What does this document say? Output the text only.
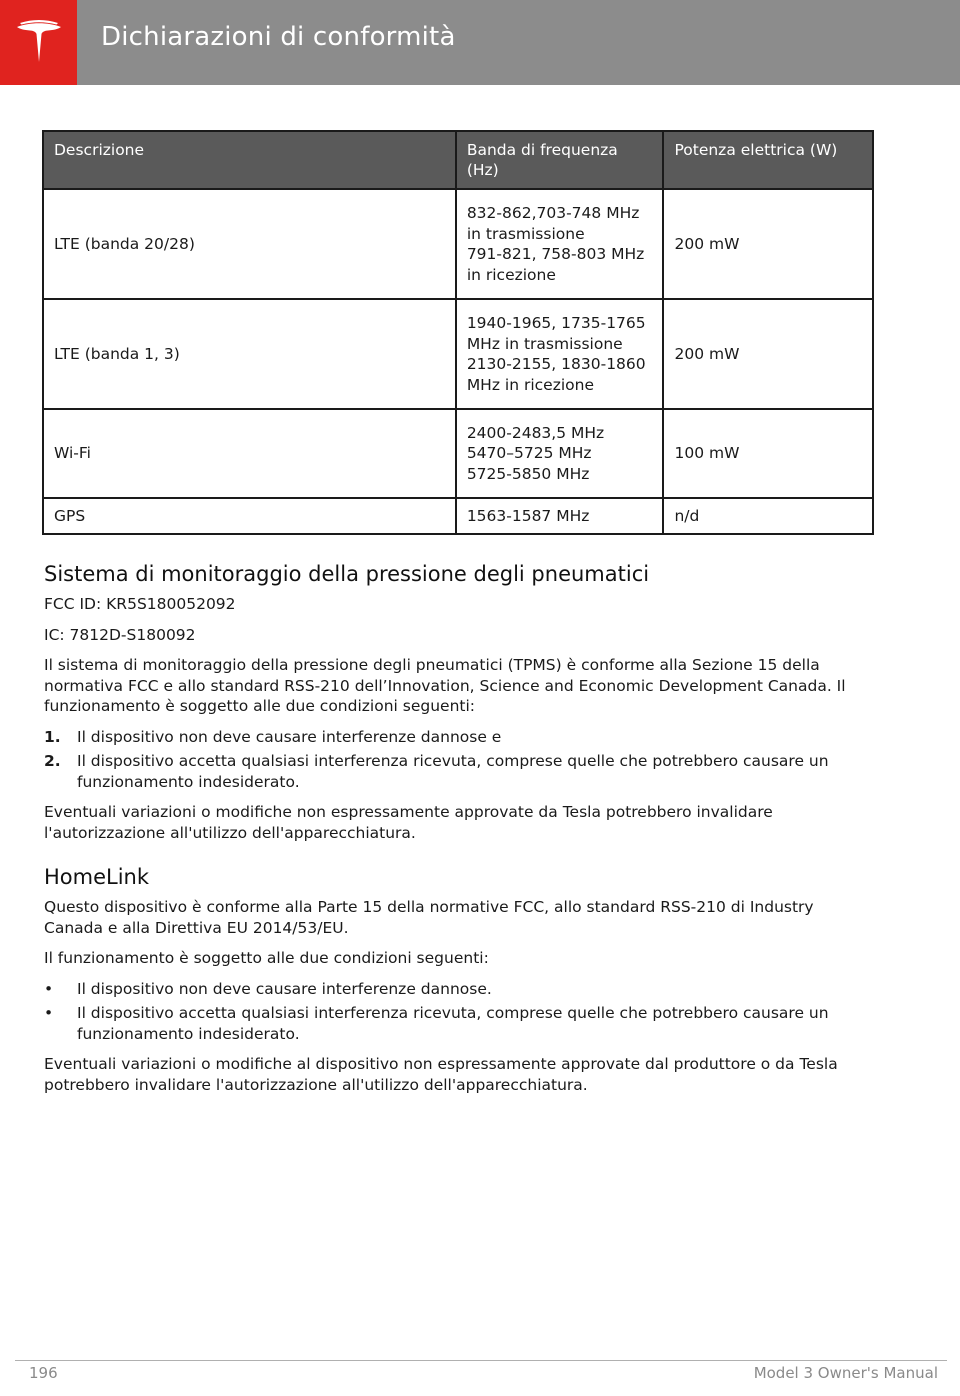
Dichiarazioni di conformità
Descrizione	Banda di frequenza (Hz)	Potenza elettrica (W)
LTE (banda 20/28)	832-862,703-748 MHz
in trasmissione
791-821, 758-803 MHz
in ricezione	200 mW
LTE (banda 1, 3)	1940-1965, 1735-1765
MHz in trasmissione
2130-2155, 1830-1860
MHz in ricezione	200 mW
Wi-Fi	2400-2483,5 MHz
5470–5725 MHz
5725-5850 MHz	100 mW
GPS	1563-1587 MHz	n/d
Sistema di monitoraggio della pressione degli pneumatici

FCC ID: KR5S180052092

IC: 7812D-S180092

Il sistema di monitoraggio della pressione degli pneumatici (TPMS) è conforme alla Sezione 15 della normativa FCC e allo standard RSS-210 dell’Innovation, Science and Economic Development Canada. Il funzionamento è soggetto alle due condizioni seguenti:

1. Il dispositivo non deve causare interferenze dannose e
2. Il dispositivo accetta qualsiasi interferenza ricevuta, comprese quelle che potrebbero causare un funzionamento indesiderato.

Eventuali variazioni o modifiche non espressamente approvate da Tesla potrebbero invalidare l'autorizzazione all'utilizzo dell'apparecchiatura.

HomeLink

Questo dispositivo è conforme alla Parte 15 della normative FCC, allo standard RSS-210 di Industry Canada e alla Direttiva EU 2014/53/EU.

Il funzionamento è soggetto alle due condizioni seguenti:

• Il dispositivo non deve causare interferenze dannose.
• Il dispositivo accetta qualsiasi interferenza ricevuta, comprese quelle che potrebbero causare un funzionamento indesiderato.

Eventuali variazioni o modifiche al dispositivo non espressamente approvate dal produttore o da Tesla potrebbero invalidare l'autorizzazione all'utilizzo dell'apparecchiatura.

196	Model 3 Owner's Manual
